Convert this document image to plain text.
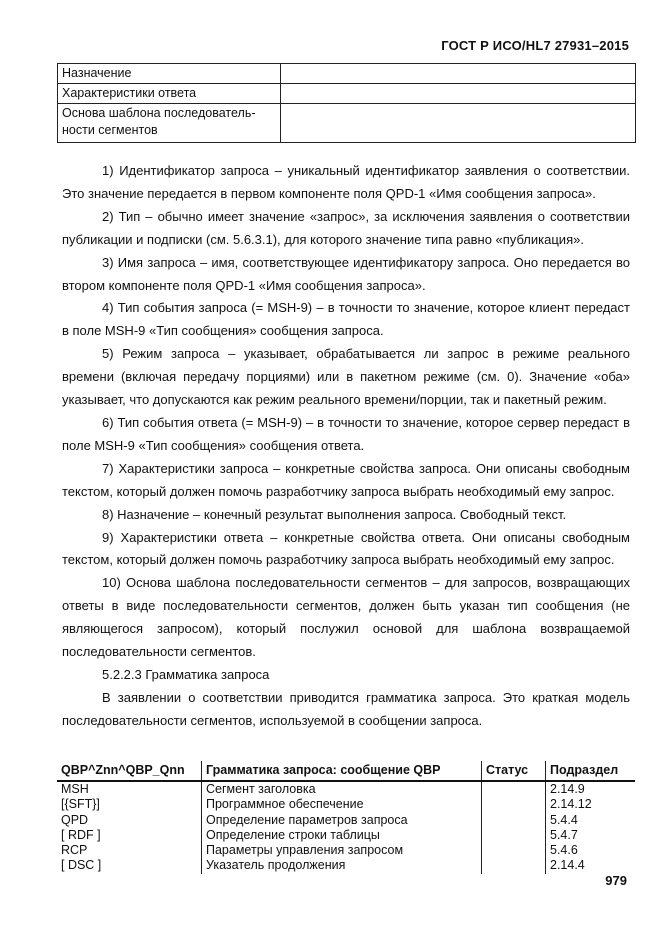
ГОСТ Р ИСО/HL7 27931–2015
Назначение	
Характеристики ответа	
Основа шаблона последователь-ности сегментов	

1) Идентификатор запроса – уникальный идентификатор заявления о соответствии. Это значение передается в первом компоненте поля QPD-1 «Имя сообщения запроса».

2) Тип – обычно имеет значение «запрос», за исключения заявления о соответствии публикации и подписки (см. 5.6.3.1), для которого значение типа равно «публикация».

3) Имя запроса – имя, соответствующее идентификатору запроса. Оно передается во втором компоненте поля QPD-1 «Имя сообщения запроса».

4) Тип события запроса (= MSH-9) – в точности то значение, которое клиент передаст в поле MSH-9 «Тип сообщения» сообщения запроса.

5) Режим запроса – указывает, обрабатывается ли запрос в режиме реального времени (включая передачу порциями) или в пакетном режиме (см. 0). Значение «оба» указывает, что допускаются как режим реального времени/порции, так и пакетный режим.

6) Тип события ответа (= MSH-9) – в точности то значение, которое сервер передаст в поле MSH-9 «Тип сообщения» сообщения ответа.

7) Характеристики запроса – конкретные свойства запроса. Они описаны свободным текстом, который должен помочь разработчику запроса выбрать необходимый ему запрос.

8) Назначение – конечный результат выполнения запроса. Свободный текст.

9) Характеристики ответа – конкретные свойства ответа. Они описаны свободным текстом, который должен помочь разработчику запроса выбрать необходимый ему запрос.

10) Основа шаблона последовательности сегментов – для запросов, возвращающих ответы в виде последовательности сегментов, должен быть указан тип сообщения (не являющегося запросом), который послужил основой для шаблона возвращаемой последовательности сегментов.

5.2.2.3 Грамматика запроса

В заявлении о соответствии приводится грамматика запроса. Это краткая модель последовательности сегментов, используемой в сообщении запроса.

QBP^Znn^QBP_Qnn	Грамматика запроса: сообщение QBP	Статус	Подраздел
MSH	Сегмент заголовка		2.14.9
[{SFT}]	Программное обеспечение		2.14.12
QPD	Определение параметров запроса		5.4.4
[ RDF ]	Определение строки таблицы		5.4.7
RCP	Параметры управления запросом		5.4.6
[ DSC ]	Указатель продолжения		2.14.4
979
